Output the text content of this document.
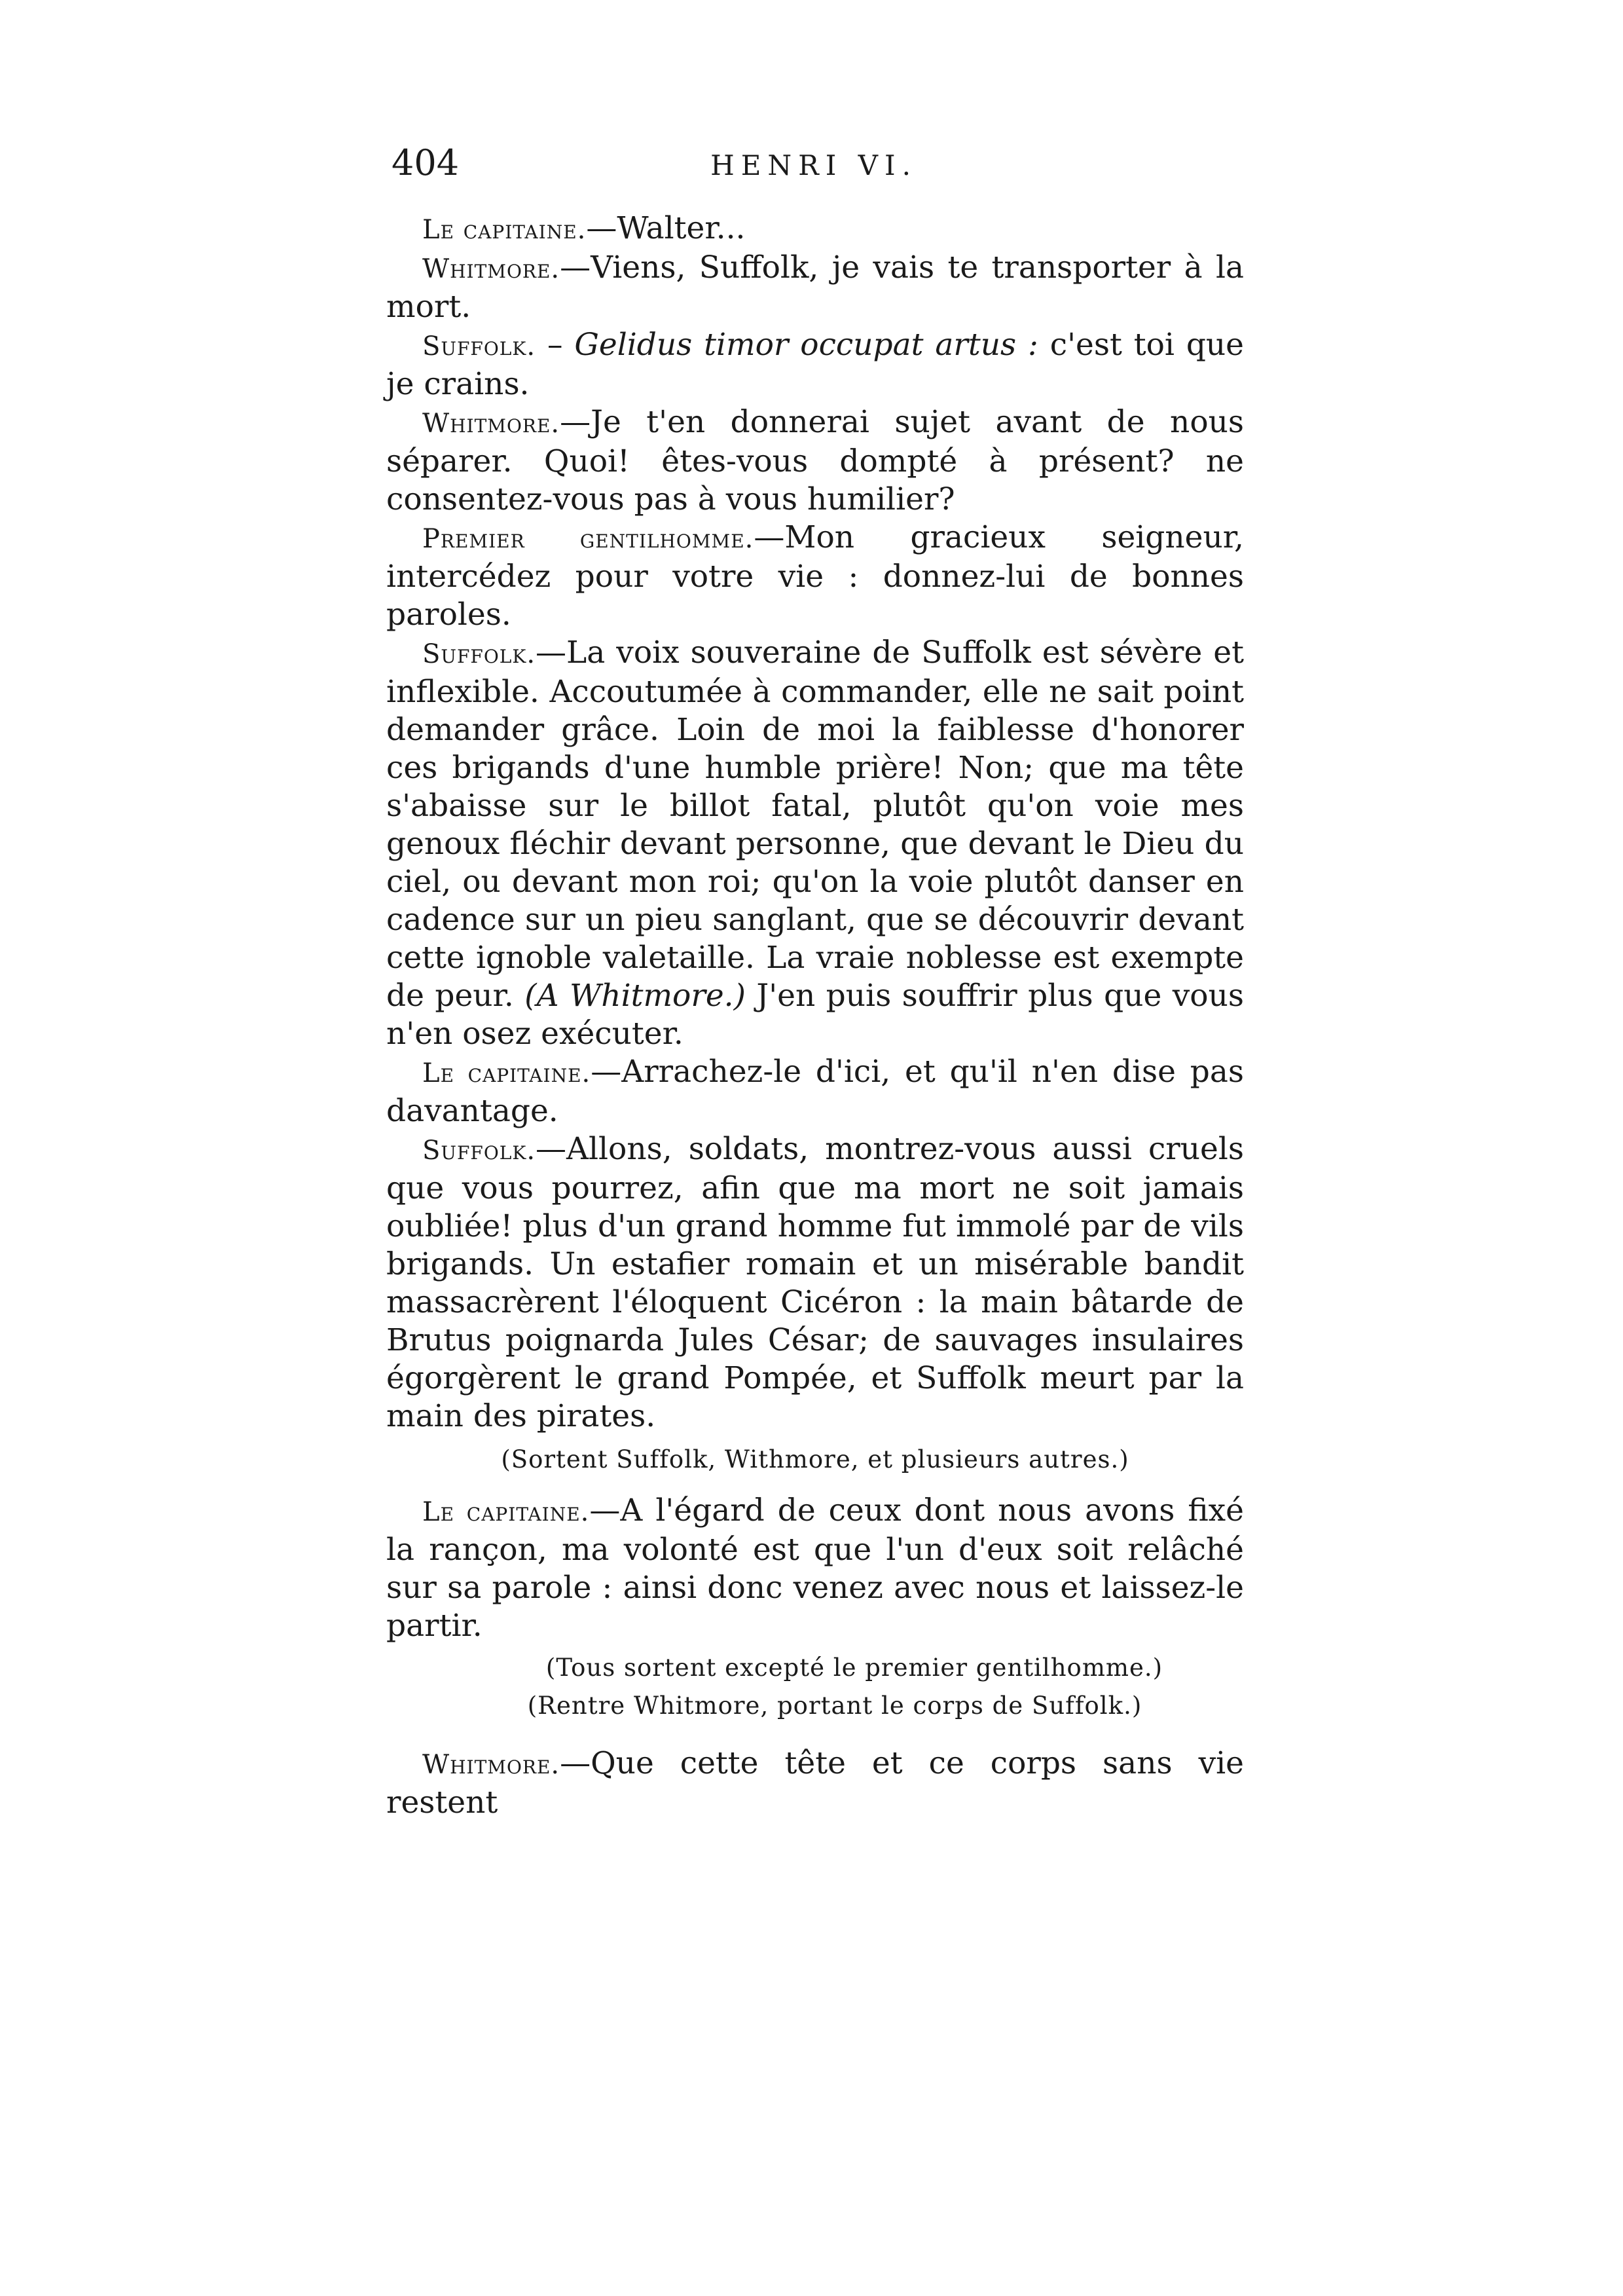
404	HENRI VI.

Le capitaine.—Walter...

Whitmore.—Viens, Suffolk, je vais te transporter à la mort.

Suffolk. – Gelidus timor occupat artus : c'est toi que je crains.

Whitmore.—Je t'en donnerai sujet avant de nous séparer. Quoi! êtes-vous dompté à présent? ne consentez-vous pas à vous humilier?

Premier gentilhomme.—Mon gracieux seigneur, intercédez pour votre vie : donnez-lui de bonnes paroles.

Suffolk.—La voix souveraine de Suffolk est sévère et inflexible. Accoutumée à commander, elle ne sait point demander grâce. Loin de moi la faiblesse d'honorer ces brigands d'une humble prière! Non; que ma tête s'abaisse sur le billot fatal, plutôt qu'on voie mes genoux fléchir devant personne, que devant le Dieu du ciel, ou devant mon roi; qu'on la voie plutôt danser en cadence sur un pieu sanglant, que se découvrir devant cette ignoble valetaille. La vraie noblesse est exempte de peur. (A Whitmore.) J'en puis souffrir plus que vous n'en osez exécuter.

Le capitaine.—Arrachez-le d'ici, et qu'il n'en dise pas davantage.

Suffolk.—Allons, soldats, montrez-vous aussi cruels que vous pourrez, afin que ma mort ne soit jamais oubliée! plus d'un grand homme fut immolé par de vils brigands. Un estafier romain et un misérable bandit massacrèrent l'éloquent Cicéron : la main bâtarde de Brutus poignarda Jules César; de sauvages insulaires égorgèrent le grand Pompée, et Suffolk meurt par la main des pirates.

(Sortent Suffolk, Withmore, et plusieurs autres.)

Le capitaine.—A l'égard de ceux dont nous avons fixé la rançon, ma volonté est que l'un d'eux soit relâché sur sa parole : ainsi donc venez avec nous et laissez-le partir.

(Tous sortent excepté le premier gentilhomme.)

(Rentre Whitmore, portant le corps de Suffolk.)

Whitmore.—Que cette tête et ce corps sans vie restent
